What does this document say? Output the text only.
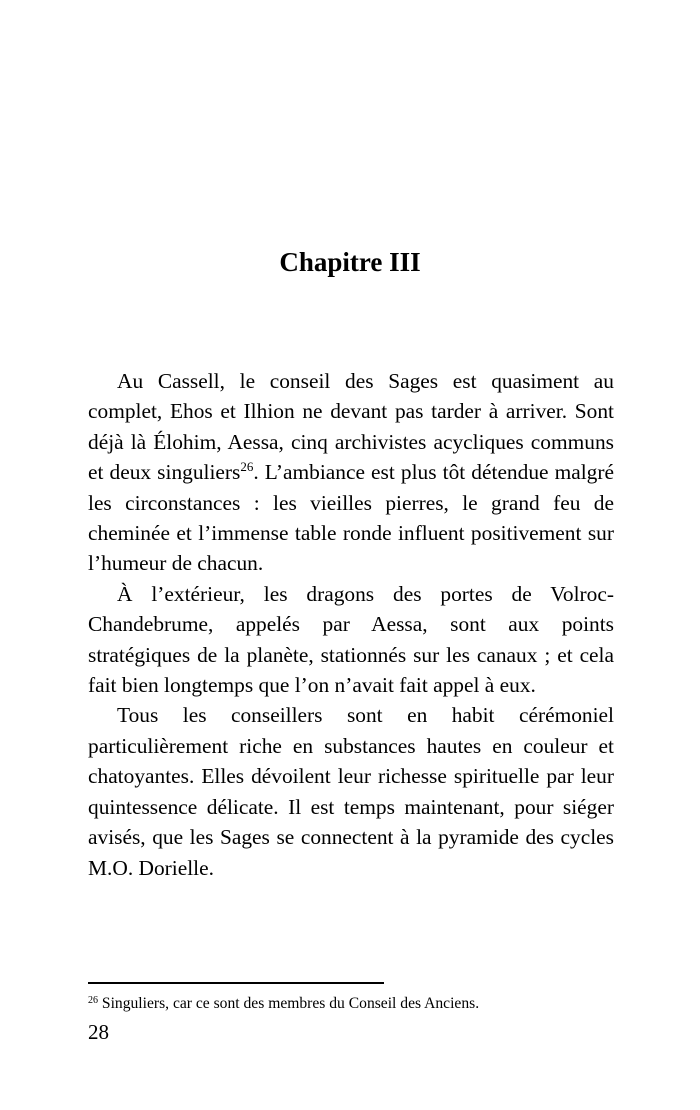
Chapitre III

Au Cassell, le conseil des Sages est quasiment au complet, Ehos et Ilhion ne devant pas tarder à arriver. Sont déjà là Élohim, Aessa, cinq archivistes acycliques communs et deux singuliers$^{26}$. L’ambiance est plus tôt détendue malgré les circonstances : les vieilles pierres, le grand feu de cheminée et l’immense table ronde influent positivement sur l’humeur de chacun.

À l’extérieur, les dragons des portes de Volroc-Chandebrume, appelés par Aessa, sont aux points stratégiques de la planète, stationnés sur les canaux ; et cela fait bien longtemps que l’on n’avait fait appel à eux.

Tous les conseillers sont en habit cérémoniel particulièrement riche en substances hautes en couleur et chatoyantes. Elles dévoilent leur richesse spirituelle par leur quintessence délicate. Il est temps maintenant, pour siéger avisés, que les Sages se connectent à la pyramide des cycles M.O. Dorielle.

$^{26}$ Singuliers, car ce sont des membres du Conseil des Anciens.
28
